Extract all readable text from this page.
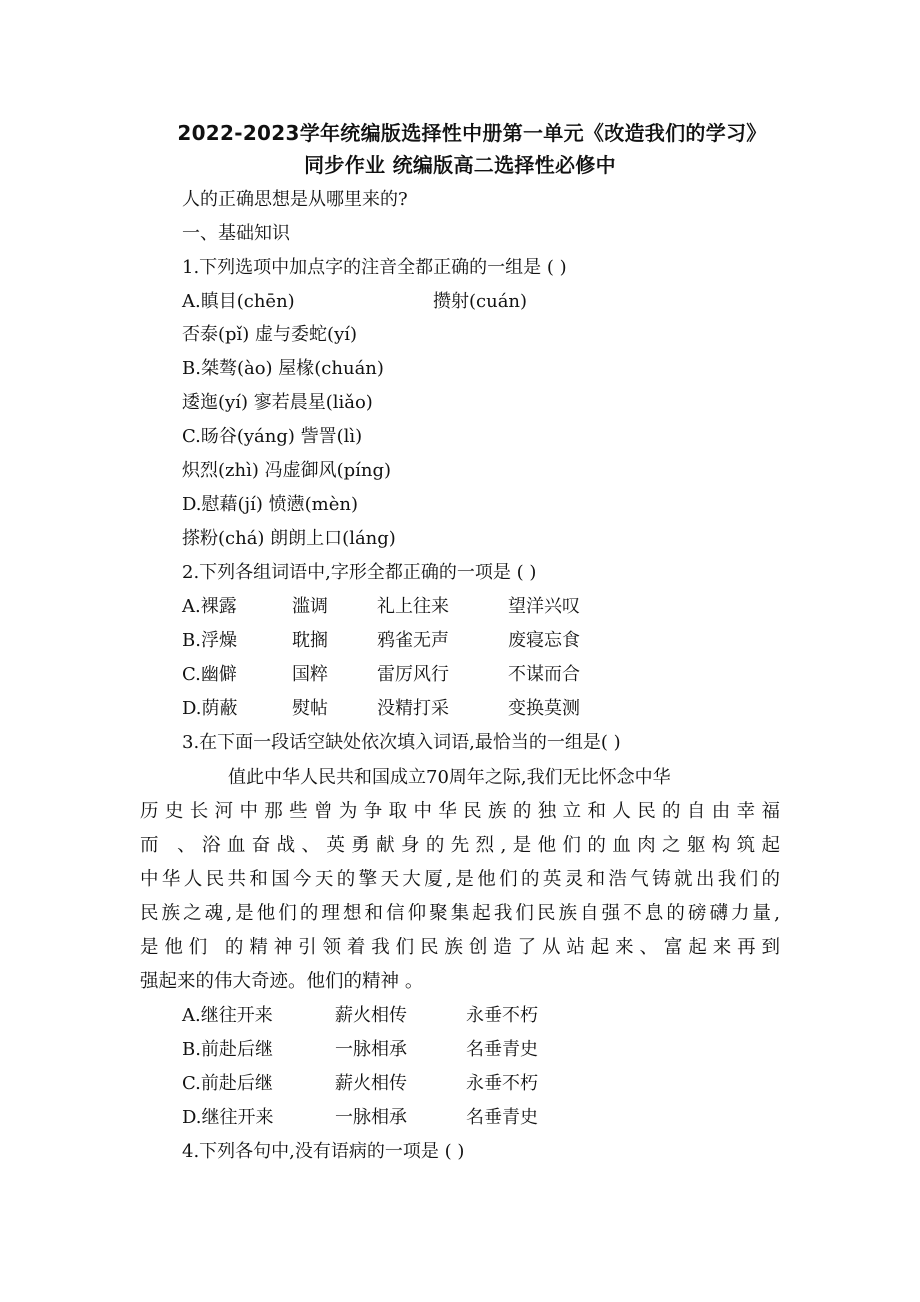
2022-2023学年统编版选择性中册第一单元《改造我们的学习》
同步作业 统编版高二选择性必修中
人的正确思想是从哪里来的?
一、基础知识
1.下列选项中加点字的注音全都正确的一组是 ( )
A.瞋目(chēn)	攒射(cuán)
否泰(pǐ) 虚与委蛇(yí)
B.桀骜(ào) 屋椽(chuán)
逶迤(yí) 寥若晨星(liǎo)
C.旸谷(yáng) 訾詈(lì)
炽烈(zhì) 冯虚御风(píng)
D.慰藉(jí) 愤懑(mèn)
搽粉(chá) 朗朗上口(láng)
2.下列各组词语中,字形全都正确的一项是 ( )
A.裸露	滥调	礼上往来	望洋兴叹
B.浮燥	耽搁	鸦雀无声	废寝忘食
C.幽僻	国粹	雷厉风行	不谋而合
D.荫蔽	熨帖	没精打采	变换莫测
3.在下面一段话空缺处依次填入词语,最恰当的一组是( )
值此中华人民共和国成立70周年之际,我们无比怀念中华
历史长河中那些曾为争取中华民族的独立和人民的自由幸福
而 、浴血奋战、英勇献身的先烈,是他们的血肉之躯构筑起
中华人民共和国今天的擎天大厦,是他们的英灵和浩气铸就出我们的
民族之魂,是他们的理想和信仰聚集起我们民族自强不息的磅礴力量,
是他们 的精神引领着我们民族创造了从站起来、富起来再到
强起来的伟大奇迹。他们的精神 。
A.继往开来	薪火相传	永垂不朽
B.前赴后继	一脉相承	名垂青史
C.前赴后继	薪火相传	永垂不朽
D.继往开来	一脉相承	名垂青史
4.下列各句中,没有语病的一项是 ( )
